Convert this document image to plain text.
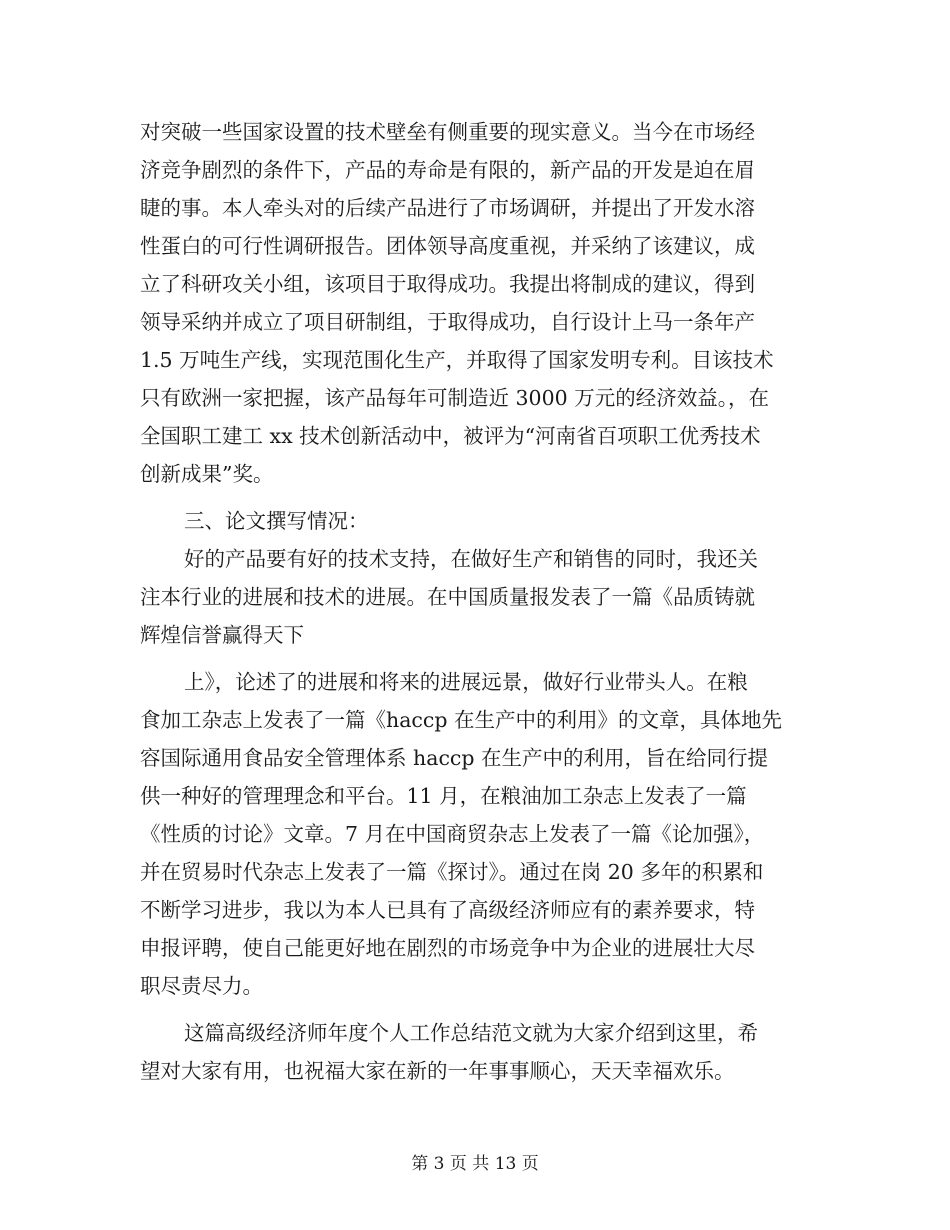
对突破一些国家设置的技术壁垒有侧重要的现实意义。当今在市场经
济竞争剧烈的条件下，产品的寿命是有限的，新产品的开发是迫在眉
睫的事。本人牵头对的后续产品进行了市场调研，并提出了开发水溶
性蛋白的可行性调研报告。团体领导高度重视，并采纳了该建议，成
立了科研攻关小组，该项目于取得成功。我提出将制成的建议，得到
领导采纳并成立了项目研制组，于取得成功，自行设计上马一条年产
1.5 万吨生产线，实现范围化生产，并取得了国家发明专利。目该技术
只有欧洲一家把握，该产品每年可制造近 3000 万元的经济效益。，在
全国职工建工 xx 技术创新活动中，被评为“河南省百项职工优秀技术
创新成果”奖。
三、论文撰写情况：
好的产品要有好的技术支持，在做好生产和销售的同时，我还关
注本行业的进展和技术的进展。在中国质量报发表了一篇《品质铸就
辉煌信誉赢得天下
上》，论述了的进展和将来的进展远景，做好行业带头人。在粮
食加工杂志上发表了一篇《haccp 在生产中的利用》的文章，具体地先
容国际通用食品安全管理体系 haccp 在生产中的利用，旨在给同行提
供一种好的管理理念和平台。11 月，在粮油加工杂志上发表了一篇
《性质的讨论》文章。7 月在中国商贸杂志上发表了一篇《论加强》，
并在贸易时代杂志上发表了一篇《探讨》。通过在岗 20 多年的积累和
不断学习进步，我以为本人已具有了高级经济师应有的素养要求，特
申报评聘，使自己能更好地在剧烈的市场竞争中为企业的进展壮大尽
职尽责尽力。
这篇高级经济师年度个人工作总结范文就为大家介绍到这里，希
望对大家有用，也祝福大家在新的一年事事顺心，天天幸福欢乐。
第 3 页 共 13 页
